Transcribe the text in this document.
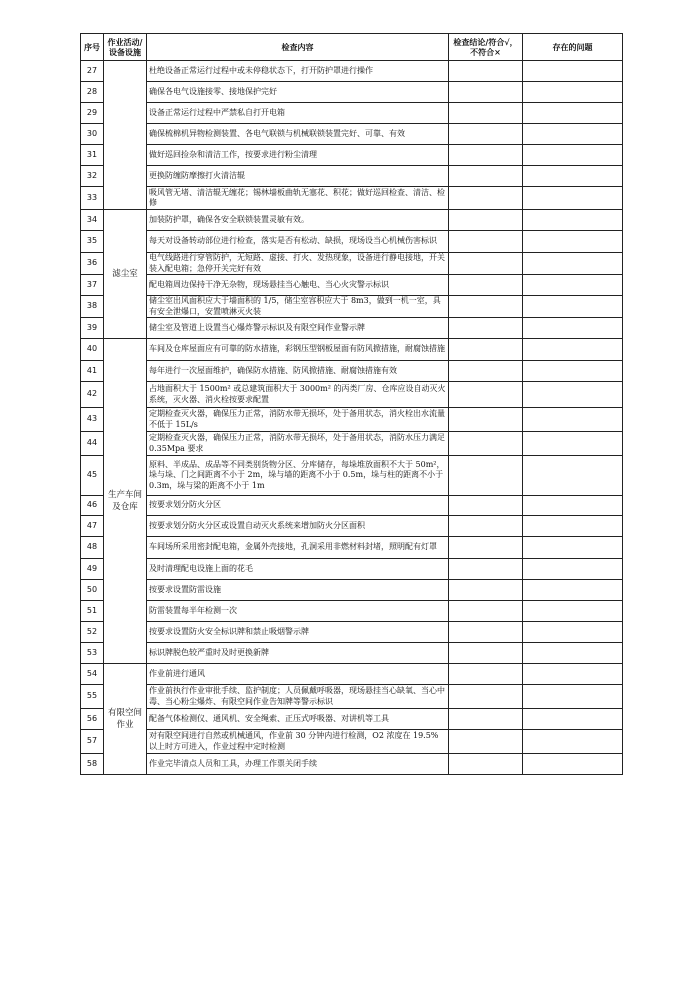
序号	作业活动/设备设施	检查内容	检查结论/符合√，不符合×	存在的问题
27		杜绝设备正常运行过程中或未停稳状态下，打开防护罩进行操作		
28		确保各电气设施接零、接地保护完好		
29		设备正常运行过程中严禁私自打开电箱		
30		确保梳棉机异物检测装置、各电气联锁与机械联锁装置完好、可靠、有效		
31		做好巡回捡杂和清洁工作，按要求进行粉尘清理		
32		更换防缠防摩擦打火清洁辊		
33		吸风管无堵、清洁辊无缠花；锡林墙板曲轨无塞花、积花；做好巡回检查、清洁、检修		
34	滤尘室	加装防护罩，确保各安全联锁装置灵敏有效。		
35		每天对设备转动部位进行检查，落实是否有松动、缺损，现场设当心机械伤害标识		
36		电气线路进行穿管防护，无短路、虚接、打火、发热现象，设备进行静电接地，开关装入配电箱；急停开关完好有效		
37		配电箱周边保持干净无杂物，现场悬挂当心触电、当心火灾警示标识		
38		储尘室出风面积应大于墙面积的 1/5，储尘室容积应大于 8m3，做到一机一室，具有安全泄爆口，安置喷淋灭火装		
39		储尘室及管道上设置当心爆炸警示标识及有限空间作业警示牌		
40	生产车间及仓库	车间及仓库屋面应有可靠的防水措施，彩钢压型钢板屋面有防风掀措施，耐腐蚀措施		
41		每年进行一次屋面维护，确保防水措施、防风掀措施、耐腐蚀措施有效		
42		占地面积大于 1500m² 或总建筑面积大于 3000m² 的丙类厂房、仓库应设自动灭火系统，灭火器、消火栓按要求配置		
43		定期检查灭火器，确保压力正常，消防水带无损坏，处于备用状态，消火栓出水流量不低于 15L/s		
44		定期检查灭火器，确保压力正常，消防水带无损坏，处于备用状态，消防水压力满足 0.35Mpa 要求		
45		原料、半成品、成品等不同类别货物分区、分库储存，每垛堆放面积不大于 50m²，垛与垛、门之间距离不小于 2m，垛与墙的距离不小于 0.5m，垛与柱的距离不小于 0.3m，垛与梁的距离不小于 1m		
46		按要求划分防火分区		
47		按要求划分防火分区或设置自动灭火系统来增加防火分区面积		
48		车间场所采用密封配电箱，金属外壳接地，孔洞采用非燃材料封堵，照明配有灯罩		
49		及时清理配电设施上面的花毛		
50		按要求设置防雷设施		
51		防雷装置每半年检测一次		
52		按要求设置防火安全标识牌和禁止吸烟警示牌		
53		标识牌脱色较严重时及时更换新牌		
54	有限空间作业	作业前进行通风		
55		作业前执行作业审批手续、监护制度；人员佩戴呼吸器，现场悬挂当心缺氧、当心中毒、当心粉尘爆炸、有限空间作业告知牌等警示标识		
56		配备气体检测仪、通风机、安全绳索、正压式呼吸器、对讲机等工具		
57		对有限空间进行自然或机械通风，作业前 30 分钟内进行检测，O2 浓度在 19.5%以上时方可进入，作业过程中定时检测		
58		作业完毕清点人员和工具，办理工作票关闭手续		
